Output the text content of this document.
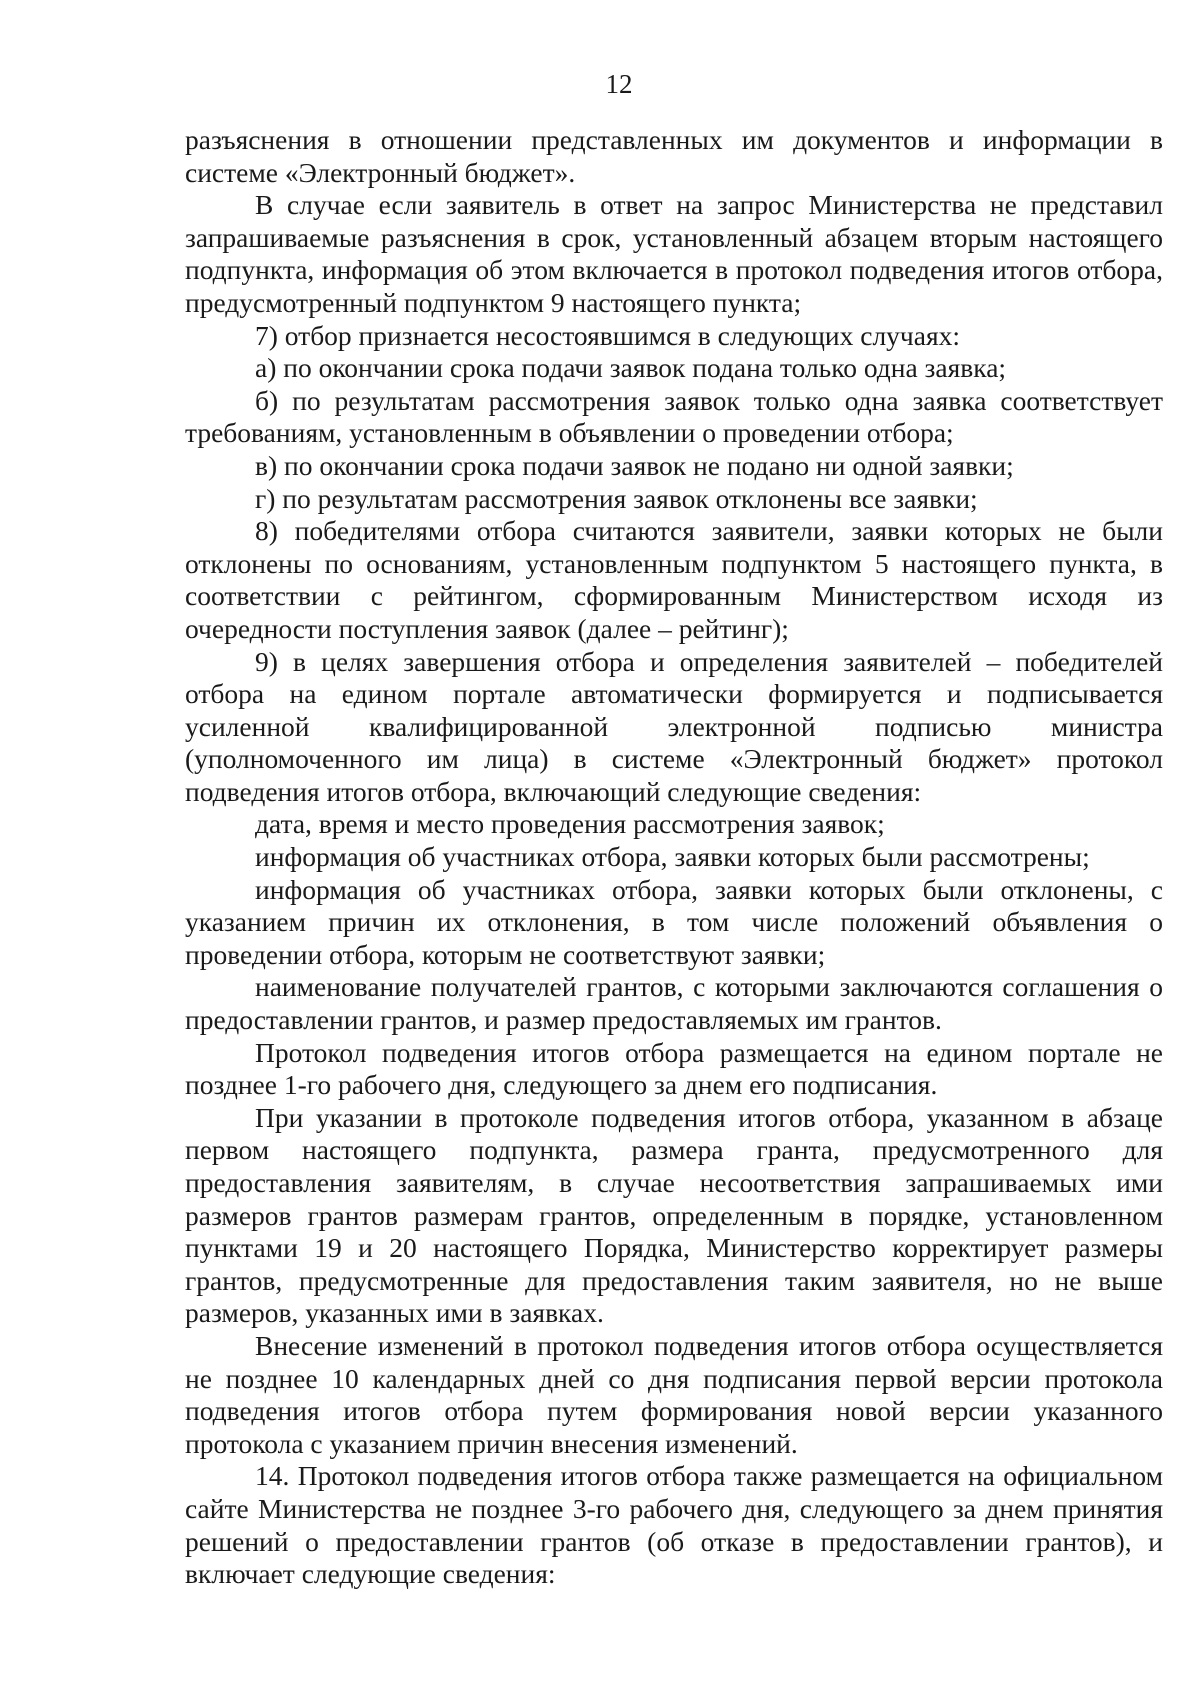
12

разъяснения в отношении представленных им документов и информации в системе «Электронный бюджет».

В случае если заявитель в ответ на запрос Министерства не представил запрашиваемые разъяснения в срок, установленный абзацем вторым настоящего подпункта, информация об этом включается в протокол подведения итогов отбора, предусмотренный подпунктом 9 настоящего пункта;

7) отбор признается несостоявшимся в следующих случаях:

а) по окончании срока подачи заявок подана только одна заявка;

б) по результатам рассмотрения заявок только одна заявка соответствует требованиям, установленным в объявлении о проведении отбора;

в) по окончании срока подачи заявок не подано ни одной заявки;

г) по результатам рассмотрения заявок отклонены все заявки;

8) победителями отбора считаются заявители, заявки которых не были отклонены по основаниям, установленным подпунктом 5 настоящего пункта, в соответствии с рейтингом, сформированным Министерством исходя из очередности поступления заявок (далее – рейтинг);

9) в целях завершения отбора и определения заявителей – победителей отбора на едином портале автоматически формируется и подписывается усиленной квалифицированной электронной подписью министра (уполномоченного им лица) в системе «Электронный бюджет» протокол подведения итогов отбора, включающий следующие сведения:

дата, время и место проведения рассмотрения заявок;

информация об участниках отбора, заявки которых были рассмотрены;

информация об участниках отбора, заявки которых были отклонены, с указанием причин их отклонения, в том числе положений объявления о проведении отбора, которым не соответствуют заявки;

наименование получателей грантов, с которыми заключаются соглашения о предоставлении грантов, и размер предоставляемых им грантов.

Протокол подведения итогов отбора размещается на едином портале не позднее 1-го рабочего дня, следующего за днем его подписания.

При указании в протоколе подведения итогов отбора, указанном в абзаце первом настоящего подпункта, размера гранта, предусмотренного для предоставления заявителям, в случае несоответствия запрашиваемых ими размеров грантов размерам грантов, определенным в порядке, установленном пунктами 19 и 20 настоящего Порядка, Министерство корректирует размеры грантов, предусмотренные для предоставления таким заявителя, но не выше размеров, указанных ими в заявках.

Внесение изменений в протокол подведения итогов отбора осуществляется не позднее 10 календарных дней со дня подписания первой версии протокола подведения итогов отбора путем формирования новой версии указанного протокола с указанием причин внесения изменений.

14. Протокол подведения итогов отбора также размещается на официальном сайте Министерства не позднее 3-го рабочего дня, следующего за днем принятия решений о предоставлении грантов (об отказе в предоставлении грантов), и включает следующие сведения:
